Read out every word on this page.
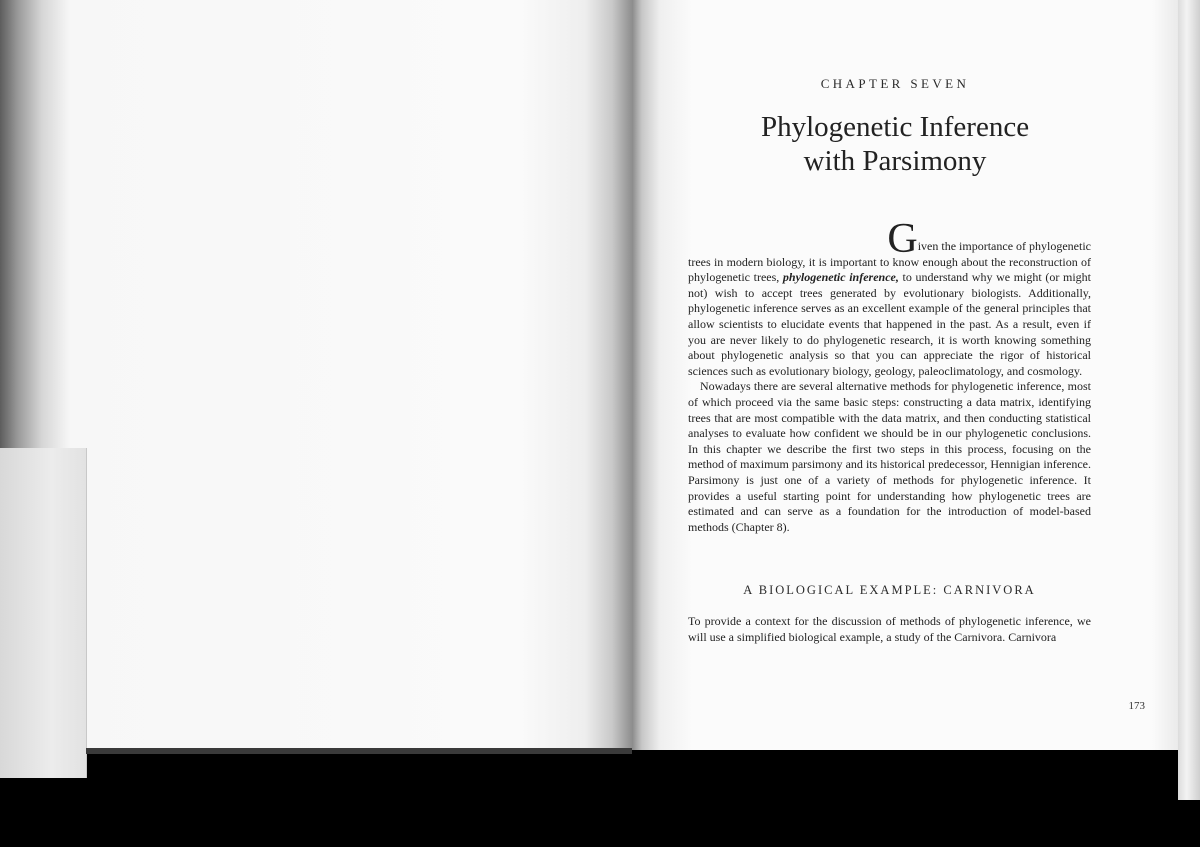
CHAPTER SEVEN
Phylogenetic Inference
with Parsimony
Given the importance of phylogenetic

trees in modern biology, it is important to know enough about the reconstruction of phylogenetic trees, phylogenetic inference, to understand why we might (or might not) wish to accept trees generated by evolutionary biologists. Additionally, phylogenetic inference serves as an excellent example of the general principles that allow scientists to elucidate events that happened in the past. As a result, even if you are never likely to do phylogenetic research, it is worth knowing something about phylogenetic analysis so that you can appreciate the rigor of historical sciences such as evolutionary biology, geology, paleoclimatology, and cosmology.

Nowadays there are several alternative methods for phylogenetic inference, most of which proceed via the same basic steps: constructing a data matrix, identifying trees that are most compatible with the data matrix, and then conducting statistical analyses to evaluate how confident we should be in our phylogenetic conclusions. In this chapter we describe the first two steps in this process, focusing on the method of maximum parsimony and its historical predecessor, Hennigian inference. Parsimony is just one of a variety of methods for phylogenetic inference. It provides a useful starting point for understanding how phylogenetic trees are estimated and can serve as a foundation for the introduction of model-based methods (Chapter 8).

A BIOLOGICAL EXAMPLE: CARNIVORA

To provide a context for the discussion of methods of phylogenetic inference, we will use a simplified biological example, a study of the Carnivora. Carnivora

173
